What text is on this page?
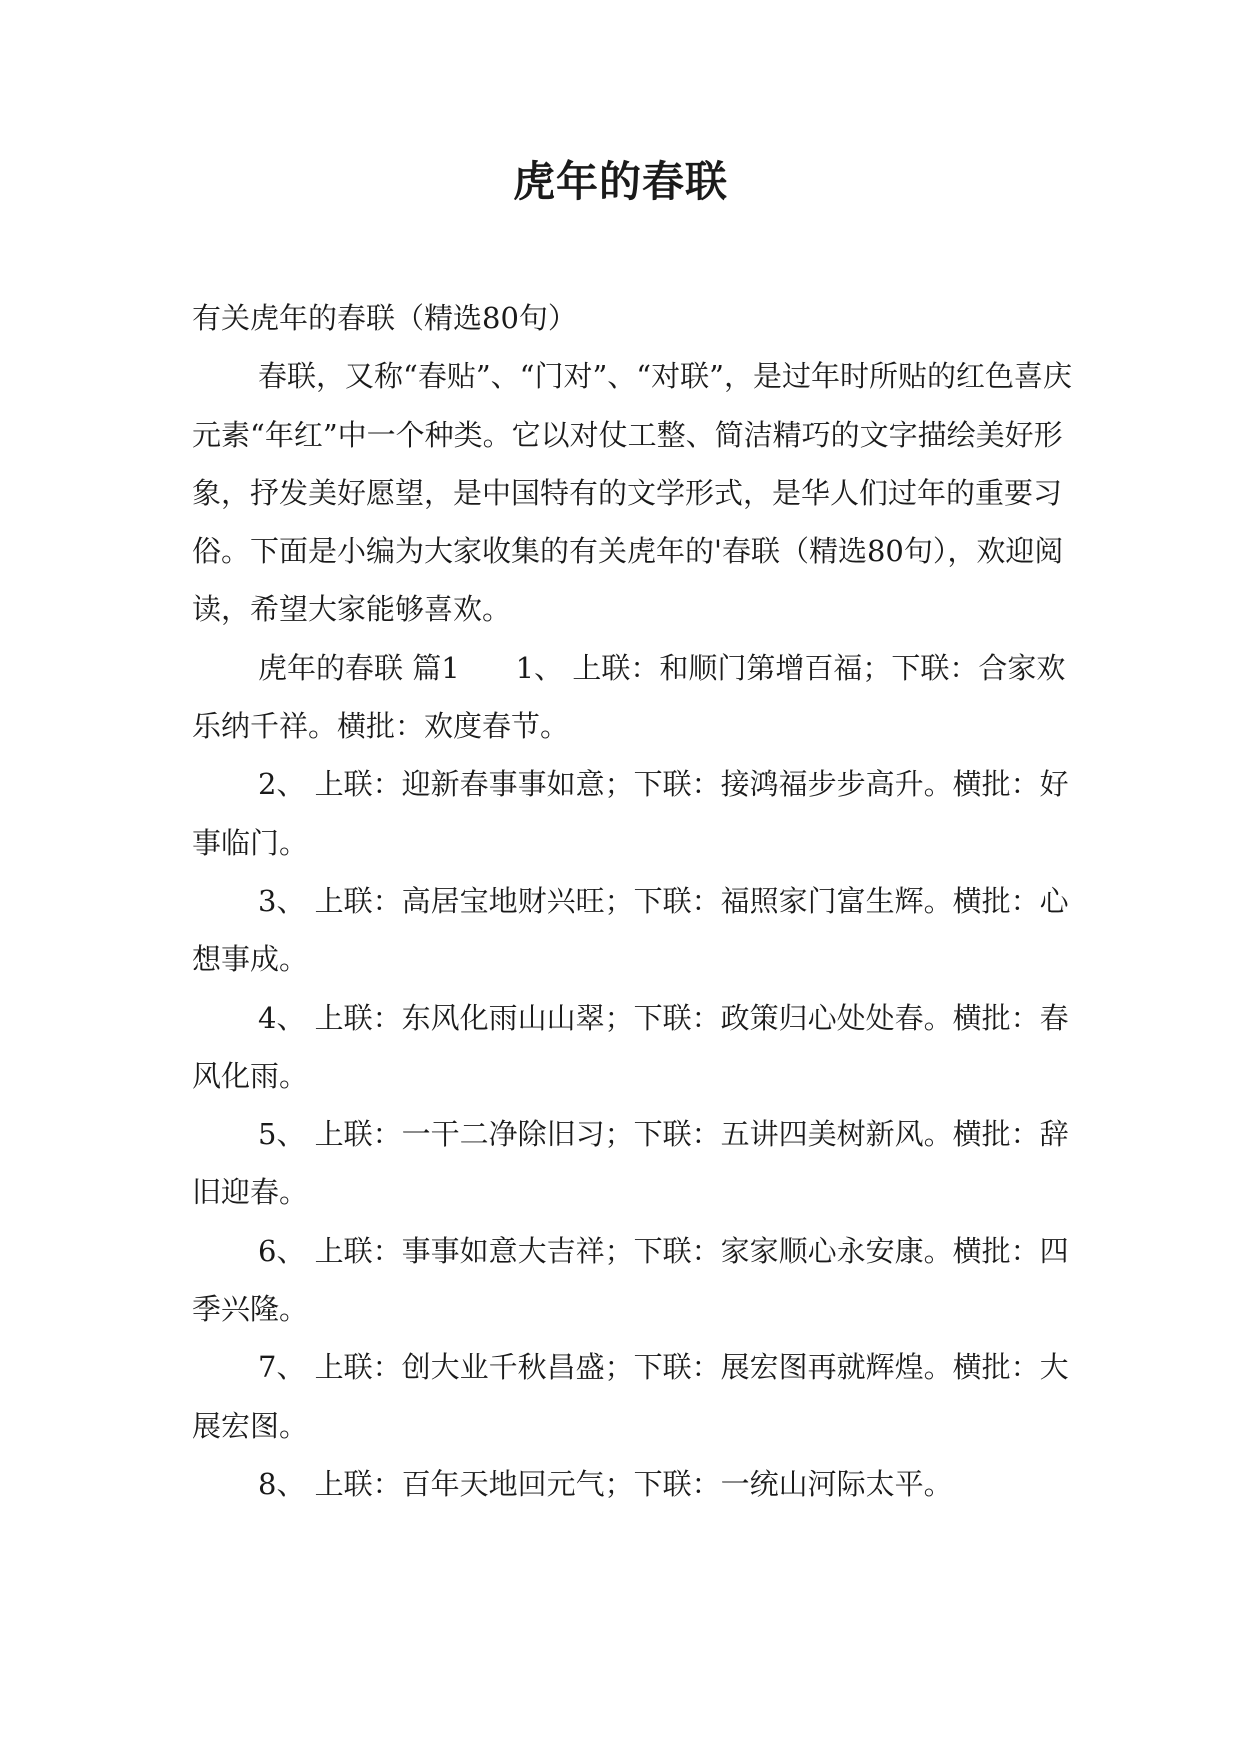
虎年的春联

有关虎年的春联（精选80句）

春联，又称“春贴”、“门对”、“对联”，是过年时所贴的红色喜庆元素“年红”中一个种类。它以对仗工整、简洁精巧的文字描绘美好形象，抒发美好愿望，是中国特有的文学形式，是华人们过年的重要习俗。下面是小编为大家收集的有关虎年的'春联（精选80句），欢迎阅读，希望大家能够喜欢。

虎年的春联 篇1 1、 上联：和顺门第增百福；下联：合家欢乐纳千祥。横批：欢度春节。

2、 上联：迎新春事事如意；下联：接鸿福步步高升。横批：好事临门。

3、 上联：高居宝地财兴旺；下联：福照家门富生辉。横批：心想事成。

4、 上联：东风化雨山山翠；下联：政策归心处处春。横批：春风化雨。

5、 上联：一干二净除旧习；下联：五讲四美树新风。横批：辞旧迎春。

6、 上联：事事如意大吉祥；下联：家家顺心永安康。横批：四季兴隆。

7、 上联：创大业千秋昌盛；下联：展宏图再就辉煌。横批：大展宏图。

8、 上联：百年天地回元气；下联：一统山河际太平。
